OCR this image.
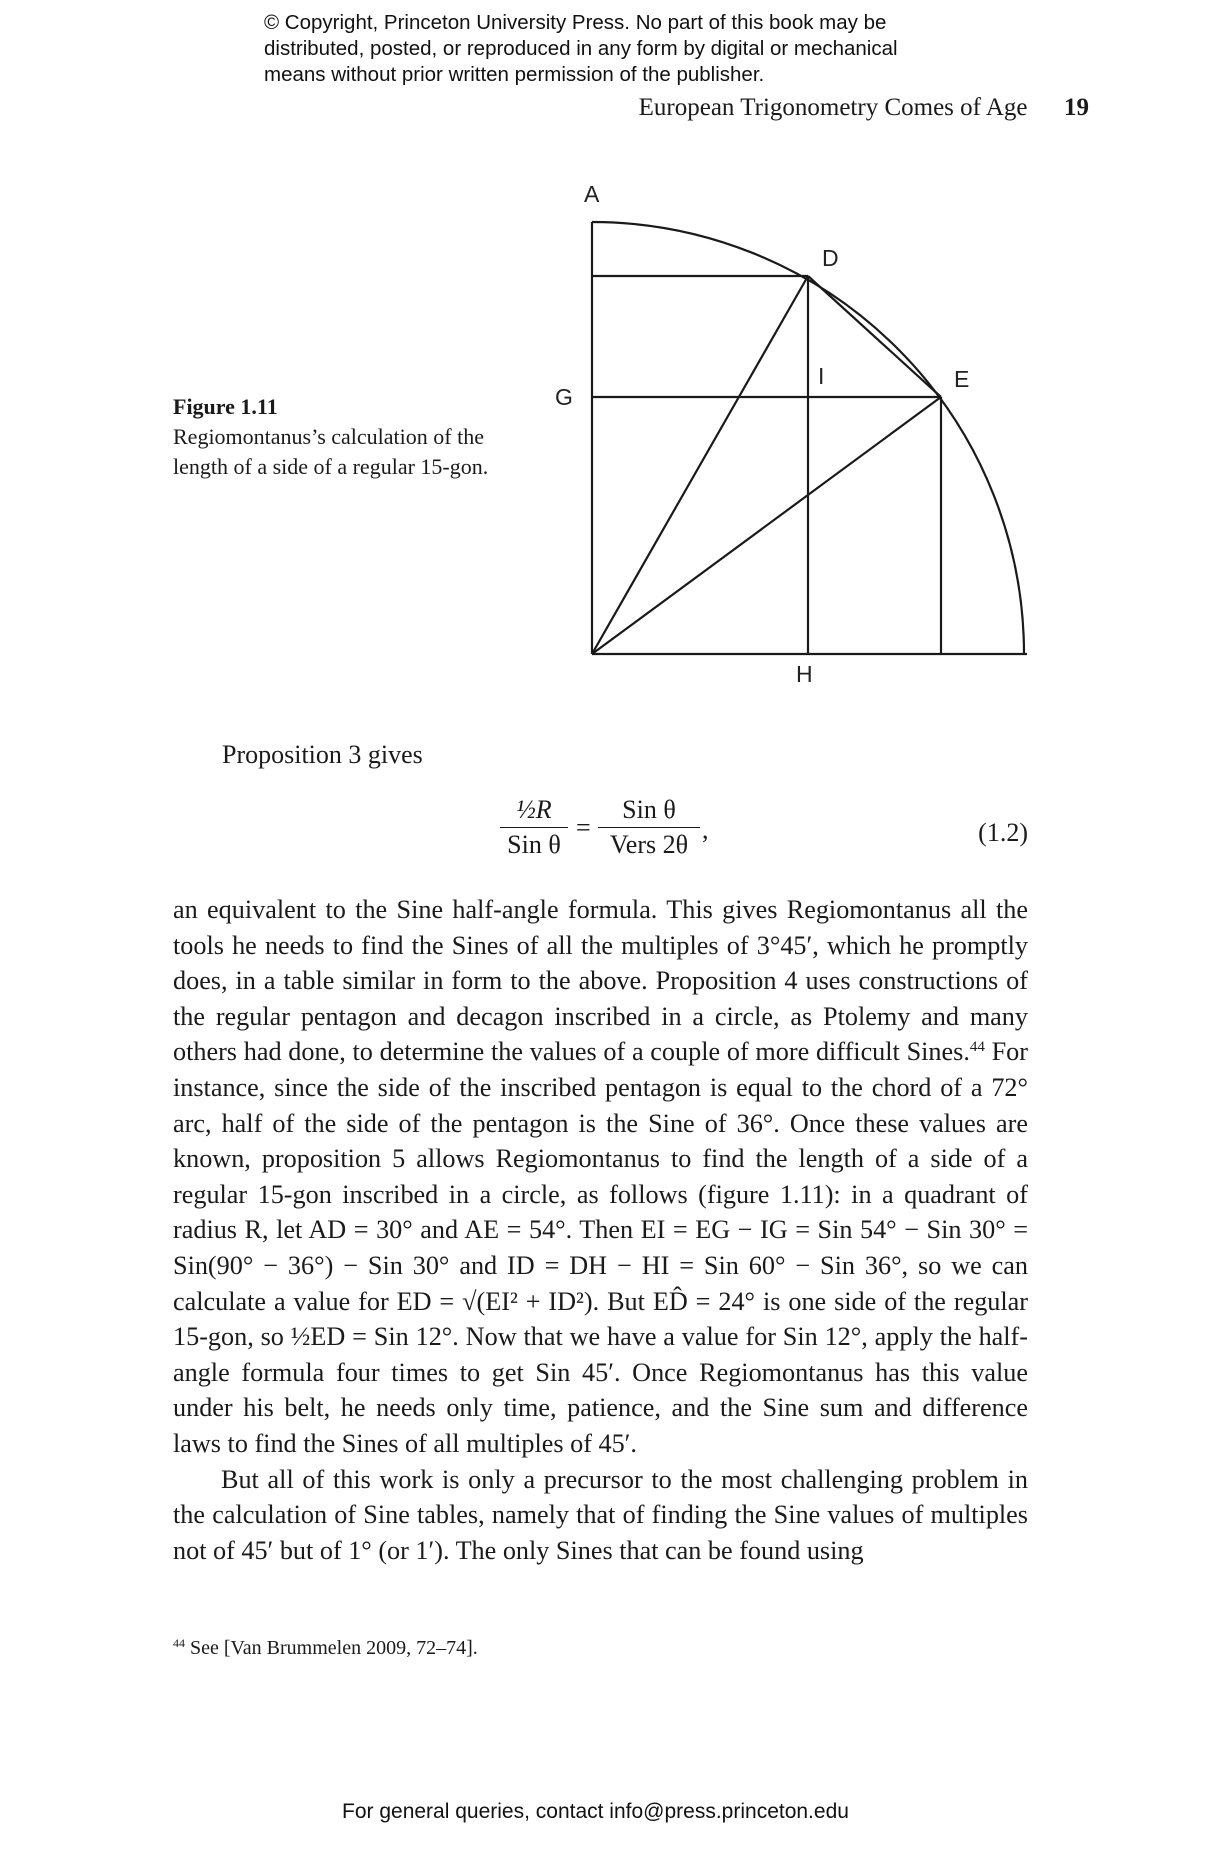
© Copyright, Princeton University Press. No part of this book may be
distributed, posted, or reproduced in any form by digital or mechanical
means without prior written permission of the publisher.
European Trigonometry Comes of Age 19
A
D
E
G
I
H
Figure 1.11
Regiomontanus’s calculation of the length of a side of a regular 15-gon.
Proposition 3 gives
½R
Sin θ
=
Sin θ
Vers 2θ
,	(1.2)

an equivalent to the Sine half-angle formula. This gives Regiomontanus all the tools he needs to find the Sines of all the multiples of 3°45′, which he promptly does, in a table similar in form to the above. Proposition 4 uses constructions of the regular pentagon and decagon inscribed in a circle, as Ptolemy and many others had done, to determine the values of a couple of more difficult Sines.$^{44}$ For instance, since the side of the inscribed pentagon is equal to the chord of a 72° arc, half of the side of the pentagon is the Sine of 36°. Once these values are known, proposition 5 allows Regiomontanus to find the length of a side of a regular 15-gon inscribed in a circle, as follows (figure 1.11): in a quadrant of radius R, let AD = 30° and AE = 54°. Then EI = EG − IG = Sin 54° − Sin 30° = Sin(90° − 36°) − Sin 30° and ID = DH − HI = Sin 60° − Sin 36°, so we can calculate a value for ED = √(EI² + ID²). But ED̂ = 24° is one side of the regular 15-gon, so ½ED = Sin 12°. Now that we have a value for Sin 12°, apply the half-angle formula four times to get Sin 45′. Once Regiomontanus has this value under his belt, he needs only time, patience, and the Sine sum and difference laws to find the Sines of all multiples of 45′.

But all of this work is only a precursor to the most challenging problem in the calculation of Sine tables, namely that of finding the Sine values of multiples not of 45′ but of 1° (or 1′). The only Sines that can be found using

$^{44}$ See [Van Brummelen 2009, 72–74].
For general queries, contact info@press.princeton.edu
